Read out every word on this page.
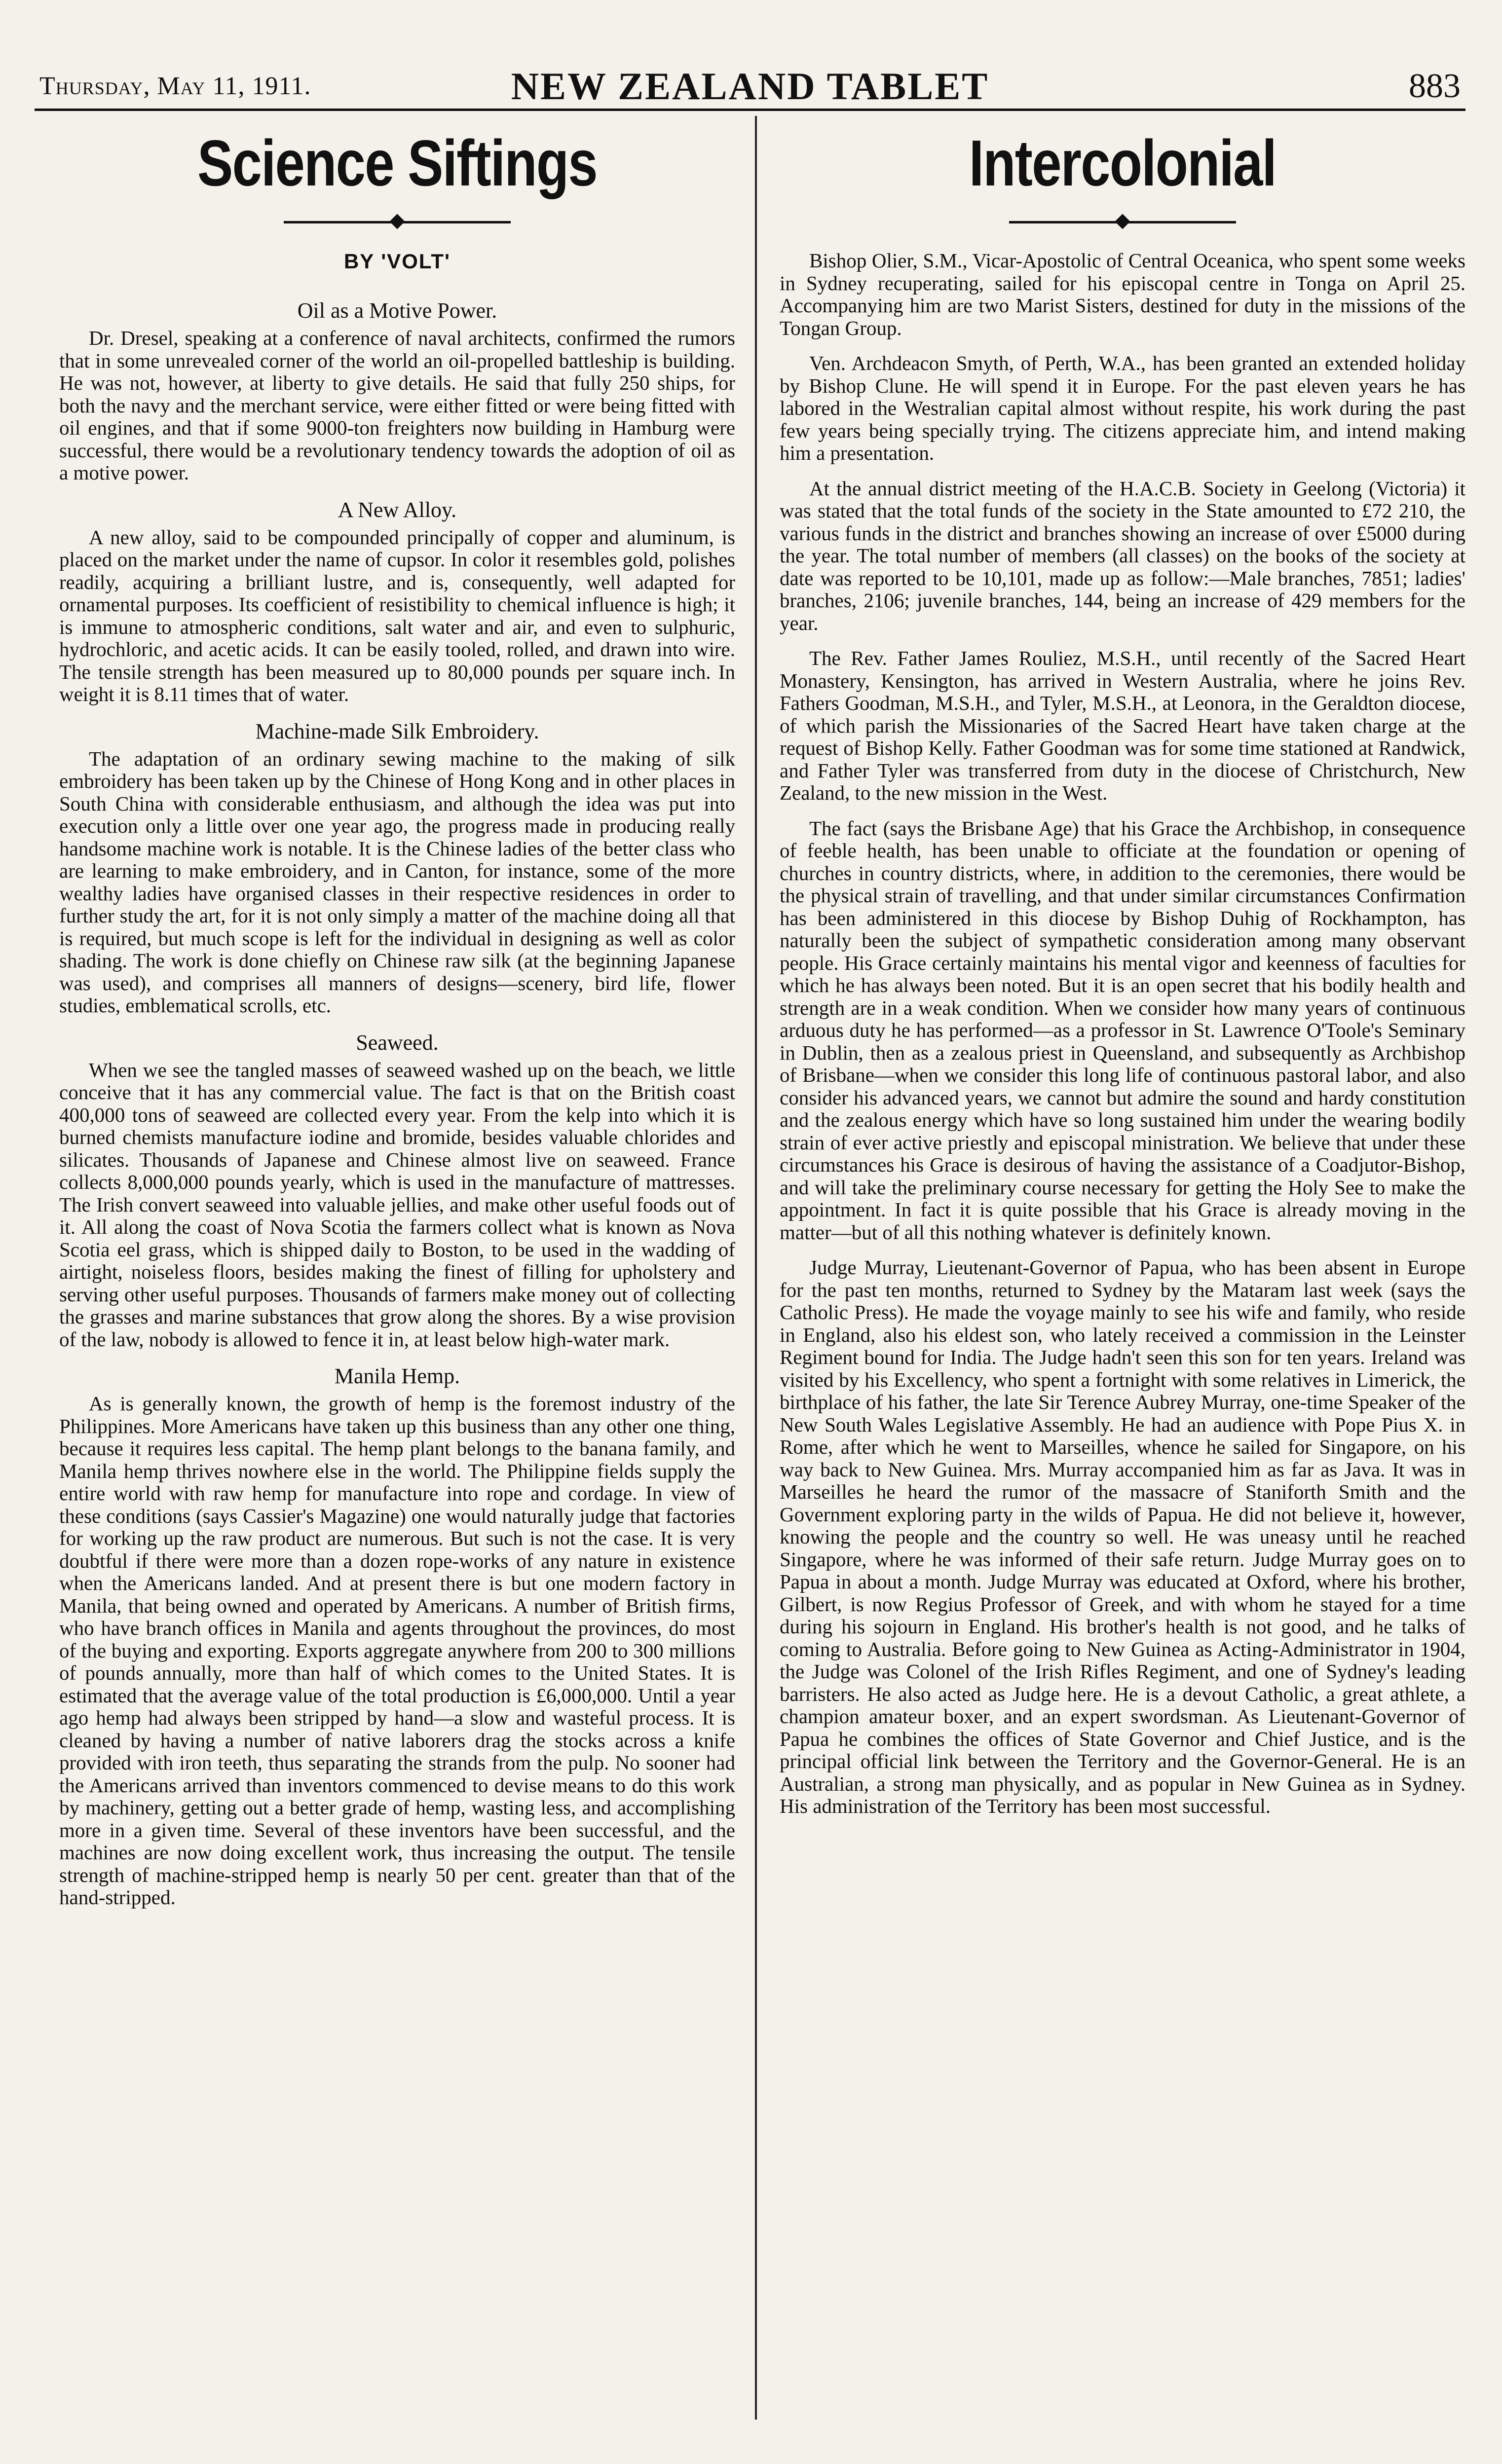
Thursday, May 11, 1911.	NEW ZEALAND TABLET	883
Science Siftings
BY 'VOLT'
Oil as a Motive Power.

Dr. Dresel, speaking at a conference of naval architects, confirmed the rumors that in some unrevealed corner of the world an oil-propelled battleship is building. He was not, however, at liberty to give details. He said that fully 250 ships, for both the navy and the merchant service, were either fitted or were being fitted with oil engines, and that if some 9000-ton freighters now building in Hamburg were successful, there would be a revolutionary tendency towards the adoption of oil as a motive power.

A New Alloy.

A new alloy, said to be compounded principally of copper and aluminum, is placed on the market under the name of cupsor. In color it resembles gold, polishes readily, acquiring a brilliant lustre, and is, consequently, well adapted for ornamental purposes. Its coefficient of resistibility to chemical influence is high; it is immune to atmospheric conditions, salt water and air, and even to sulphuric, hydrochloric, and acetic acids. It can be easily tooled, rolled, and drawn into wire. The tensile strength has been measured up to 80,000 pounds per square inch. In weight it is 8.11 times that of water.

Machine-made Silk Embroidery.

The adaptation of an ordinary sewing machine to the making of silk embroidery has been taken up by the Chinese of Hong Kong and in other places in South China with considerable enthusiasm, and although the idea was put into execution only a little over one year ago, the progress made in producing really handsome machine work is notable. It is the Chinese ladies of the better class who are learning to make embroidery, and in Canton, for instance, some of the more wealthy ladies have organised classes in their respective residences in order to further study the art, for it is not only simply a matter of the machine doing all that is required, but much scope is left for the individual in designing as well as color shading. The work is done chiefly on Chinese raw silk (at the beginning Japanese was used), and comprises all manners of designs—scenery, bird life, flower studies, emblematical scrolls, etc.

Seaweed.

When we see the tangled masses of seaweed washed up on the beach, we little conceive that it has any commercial value. The fact is that on the British coast 400,000 tons of seaweed are collected every year. From the kelp into which it is burned chemists manufacture iodine and bromide, besides valuable chlorides and silicates. Thousands of Japanese and Chinese almost live on seaweed. France collects 8,000,000 pounds yearly, which is used in the manufacture of mattresses. The Irish convert seaweed into valuable jellies, and make other useful foods out of it. All along the coast of Nova Scotia the farmers collect what is known as Nova Scotia eel grass, which is shipped daily to Boston, to be used in the wadding of airtight, noiseless floors, besides making the finest of filling for upholstery and serving other useful purposes. Thousands of farmers make money out of collecting the grasses and marine substances that grow along the shores. By a wise provision of the law, nobody is allowed to fence it in, at least below high-water mark.

Manila Hemp.

As is generally known, the growth of hemp is the foremost industry of the Philippines. More Americans have taken up this business than any other one thing, because it requires less capital. The hemp plant belongs to the banana family, and Manila hemp thrives nowhere else in the world. The Philippine fields supply the entire world with raw hemp for manufacture into rope and cordage. In view of these conditions (says Cassier's Magazine) one would naturally judge that factories for working up the raw product are numerous. But such is not the case. It is very doubtful if there were more than a dozen rope-works of any nature in existence when the Americans landed. And at present there is but one modern factory in Manila, that being owned and operated by Americans. A number of British firms, who have branch offices in Manila and agents throughout the provinces, do most of the buying and exporting. Exports aggregate anywhere from 200 to 300 millions of pounds annually, more than half of which comes to the United States. It is estimated that the average value of the total production is £6,000,000. Until a year ago hemp had always been stripped by hand—a slow and wasteful process. It is cleaned by having a number of native laborers drag the stocks across a knife provided with iron teeth, thus separating the strands from the pulp. No sooner had the Americans arrived than inventors commenced to devise means to do this work by machinery, getting out a better grade of hemp, wasting less, and accomplishing more in a given time. Several of these inventors have been successful, and the machines are now doing excellent work, thus increasing the output. The tensile strength of machine-stripped hemp is nearly 50 per cent. greater than that of the hand-stripped.

Intercolonial

Bishop Olier, S.M., Vicar-Apostolic of Central Oceanica, who spent some weeks in Sydney recuperating, sailed for his episcopal centre in Tonga on April 25. Accompanying him are two Marist Sisters, destined for duty in the missions of the Tongan Group.

Ven. Archdeacon Smyth, of Perth, W.A., has been granted an extended holiday by Bishop Clune. He will spend it in Europe. For the past eleven years he has labored in the Westralian capital almost without respite, his work during the past few years being specially trying. The citizens appreciate him, and intend making him a presentation.

At the annual district meeting of the H.A.C.B. Society in Geelong (Victoria) it was stated that the total funds of the society in the State amounted to £72 210, the various funds in the district and branches showing an increase of over £5000 during the year. The total number of members (all classes) on the books of the society at date was reported to be 10,101, made up as follow:—Male branches, 7851; ladies' branches, 2106; juvenile branches, 144, being an increase of 429 members for the year.

The Rev. Father James Rouliez, M.S.H., until recently of the Sacred Heart Monastery, Kensington, has arrived in Western Australia, where he joins Rev. Fathers Goodman, M.S.H., and Tyler, M.S.H., at Leonora, in the Geraldton diocese, of which parish the Missionaries of the Sacred Heart have taken charge at the request of Bishop Kelly. Father Goodman was for some time stationed at Randwick, and Father Tyler was transferred from duty in the diocese of Christchurch, New Zealand, to the new mission in the West.

The fact (says the Brisbane Age) that his Grace the Archbishop, in consequence of feeble health, has been unable to officiate at the foundation or opening of churches in country districts, where, in addition to the ceremonies, there would be the physical strain of travelling, and that under similar circumstances Confirmation has been administered in this diocese by Bishop Duhig of Rockhampton, has naturally been the subject of sympathetic consideration among many observant people. His Grace certainly maintains his mental vigor and keenness of faculties for which he has always been noted. But it is an open secret that his bodily health and strength are in a weak condition. When we consider how many years of continuous arduous duty he has performed—as a professor in St. Lawrence O'Toole's Seminary in Dublin, then as a zealous priest in Queensland, and subsequently as Archbishop of Brisbane—when we consider this long life of continuous pastoral labor, and also consider his advanced years, we cannot but admire the sound and hardy constitution and the zealous energy which have so long sustained him under the wearing bodily strain of ever active priestly and episcopal ministration. We believe that under these circumstances his Grace is desirous of having the assistance of a Coadjutor-Bishop, and will take the preliminary course necessary for getting the Holy See to make the appointment. In fact it is quite possible that his Grace is already moving in the matter—but of all this nothing whatever is definitely known.

Judge Murray, Lieutenant-Governor of Papua, who has been absent in Europe for the past ten months, returned to Sydney by the Mataram last week (says the Catholic Press). He made the voyage mainly to see his wife and family, who reside in England, also his eldest son, who lately received a commission in the Leinster Regiment bound for India. The Judge hadn't seen this son for ten years. Ireland was visited by his Excellency, who spent a fortnight with some relatives in Limerick, the birthplace of his father, the late Sir Terence Aubrey Murray, one-time Speaker of the New South Wales Legislative Assembly. He had an audience with Pope Pius X. in Rome, after which he went to Marseilles, whence he sailed for Singapore, on his way back to New Guinea. Mrs. Murray accompanied him as far as Java. It was in Marseilles he heard the rumor of the massacre of Staniforth Smith and the Government exploring party in the wilds of Papua. He did not believe it, however, knowing the people and the country so well. He was uneasy until he reached Singapore, where he was informed of their safe return. Judge Murray goes on to Papua in about a month. Judge Murray was educated at Oxford, where his brother, Gilbert, is now Regius Professor of Greek, and with whom he stayed for a time during his sojourn in England. His brother's health is not good, and he talks of coming to Australia. Before going to New Guinea as Acting-Administrator in 1904, the Judge was Colonel of the Irish Rifles Regiment, and one of Sydney's leading barristers. He also acted as Judge here. He is a devout Catholic, a great athlete, a champion amateur boxer, and an expert swordsman. As Lieutenant-Governor of Papua he combines the offices of State Governor and Chief Justice, and is the principal official link between the Territory and the Governor-General. He is an Australian, a strong man physically, and as popular in New Guinea as in Sydney. His administration of the Territory has been most successful.
